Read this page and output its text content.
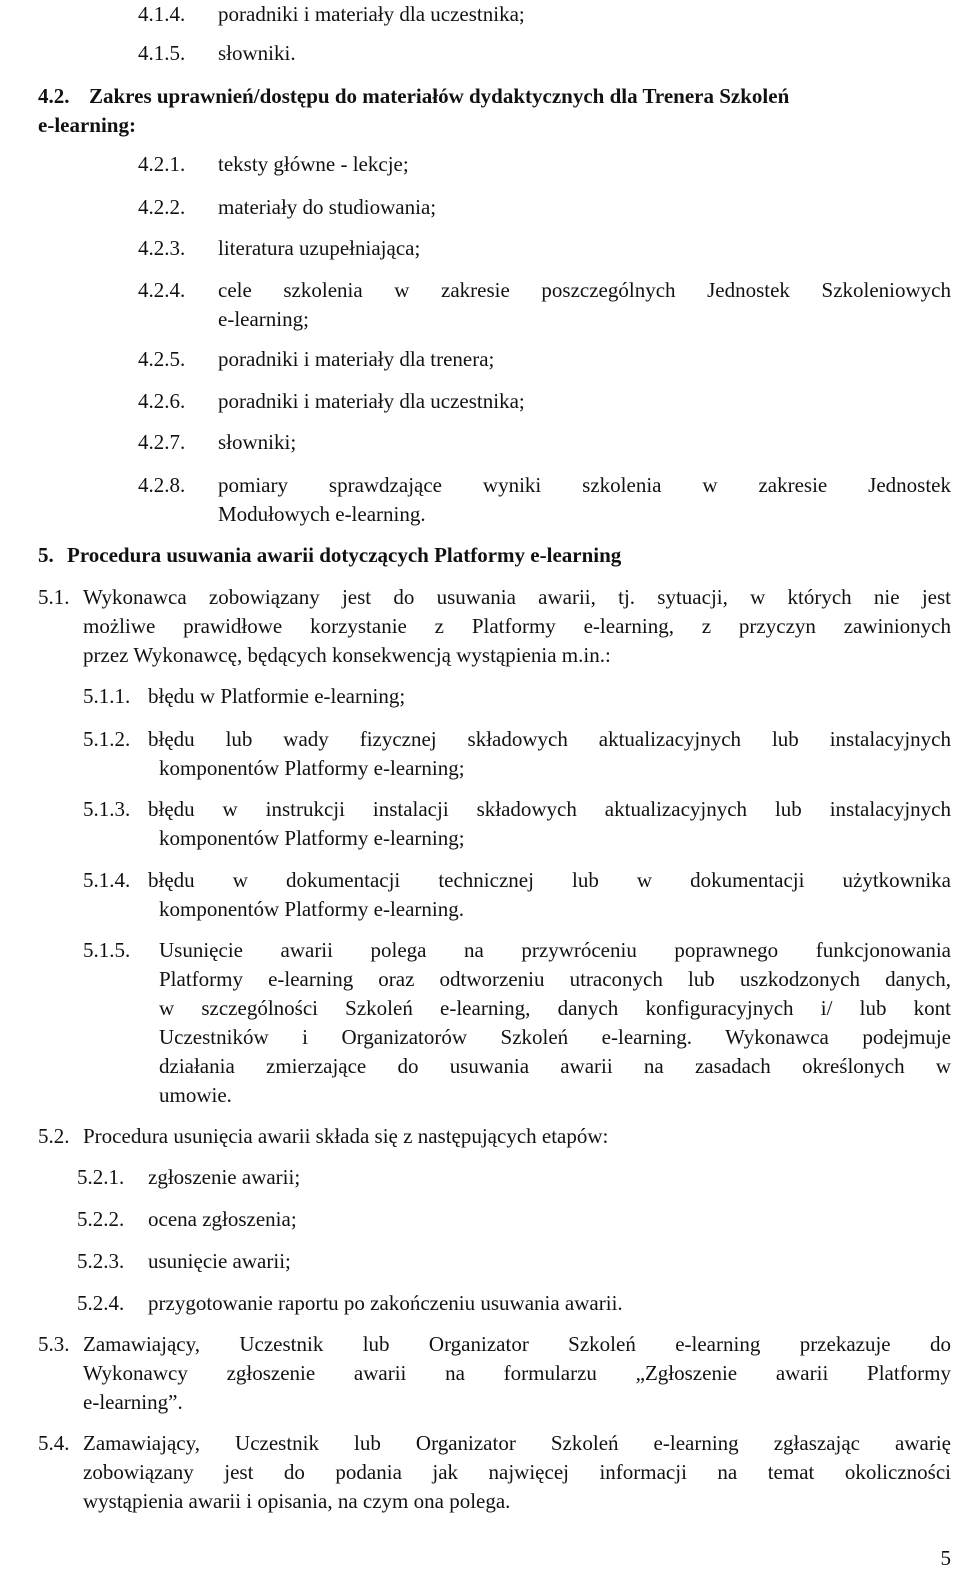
4.1.4. poradniki i materiały dla uczestnika;
4.1.5. słowniki.
4.2. Zakres uprawnień/dostępu do materiałów dydaktycznych dla Trenera Szkoleń
e-learning:
4.2.1. teksty główne - lekcje;
4.2.2. materiały do studiowania;
4.2.3. literatura uzupełniająca;
4.2.4. cele szkolenia w zakresie poszczególnych Jednostek Szkoleniowych
e-learning;
4.2.5. poradniki i materiały dla trenera;
4.2.6. poradniki i materiały dla uczestnika;
4.2.7. słowniki;
4.2.8. pomiary sprawdzające wyniki szkolenia w zakresie Jednostek
Modułowych e-learning.
5. Procedura usuwania awarii dotyczących Platformy e-learning
5.1. Wykonawca zobowiązany jest do usuwania awarii, tj. sytuacji, w których nie jest
możliwe prawidłowe korzystanie z Platformy e-learning, z przyczyn zawinionych
przez Wykonawcę, będących konsekwencją wystąpienia m.in.:
5.1.1. błędu w Platformie e-learning;
5.1.2. błędu lub wady fizycznej składowych aktualizacyjnych lub instalacyjnych
komponentów Platformy e-learning;
5.1.3. błędu w instrukcji instalacji składowych aktualizacyjnych lub instalacyjnych
komponentów Platformy e-learning;
5.1.4. błędu w dokumentacji technicznej lub w dokumentacji użytkownika
komponentów Platformy e-learning.
5.1.5. Usunięcie awarii polega na przywróceniu poprawnego funkcjonowania
Platformy e-learning oraz odtworzeniu utraconych lub uszkodzonych danych,
w szczególności Szkoleń e-learning, danych konfiguracyjnych i/ lub kont
Uczestników i Organizatorów Szkoleń e-learning. Wykonawca podejmuje
działania zmierzające do usuwania awarii na zasadach określonych w
umowie.
5.2. Procedura usunięcia awarii składa się z następujących etapów:
5.2.1. zgłoszenie awarii;
5.2.2. ocena zgłoszenia;
5.2.3. usunięcie awarii;
5.2.4. przygotowanie raportu po zakończeniu usuwania awarii.
5.3. Zamawiający, Uczestnik lub Organizator Szkoleń e-learning przekazuje do
Wykonawcy zgłoszenie awarii na formularzu „Zgłoszenie awarii Platformy
e-learning”.
5.4. Zamawiający, Uczestnik lub Organizator Szkoleń e-learning zgłaszając awarię
zobowiązany jest do podania jak najwięcej informacji na temat okoliczności
wystąpienia awarii i opisania, na czym ona polega.
5
